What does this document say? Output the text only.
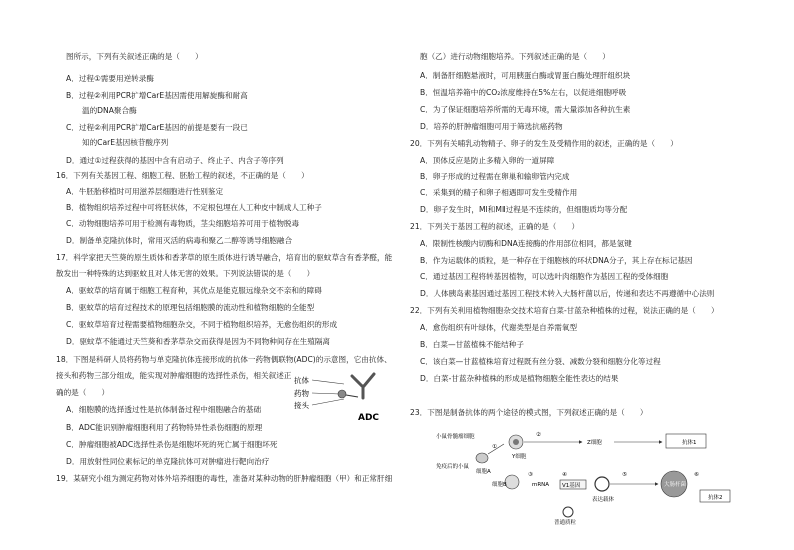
图所示，下列有关叙述正确的是（　　）
A．过程①需要用逆转录酶
B．过程②利用PCR扩增CarE基因需使用解旋酶和耐高
温的DNA聚合酶
C．过程②利用PCR扩增CarE基因的前提是要有一段已
知的CarE基因核苷酸序列
D．通过①过程获得的基因中含有启动子、终止子、内含子等序列
16．下列有关基因工程、细胞工程、胚胎工程的叙述，不正确的是（　　）
A．牛胚胎移植时可用滋养层细胞进行性别鉴定
B．植物组织培养过程中可将胚状体，不定根包埋在人工种皮中制成人工种子
C．动物细胞培养可用于检测有毒物质，茎尖细胞培养可用于植物脱毒
D．制备单克隆抗体时，常用灭活的病毒和聚乙二醇等诱导细胞融合
17．科学家把天竺葵的原生质体和香茅草的原生质体进行诱导融合，培育出的驱蚊草含有香茅醛，能
散发出一种特殊的达到驱蚊且对人体无害的效果。下列说法错误的是（　　）
A．驱蚊草的培育属于细胞工程育种，其优点是能克服远缘杂交不亲和的障碍
B．驱蚊草的培育过程技术的原理包括细胞膜的流动性和植物细胞的全能型
C．驱蚊草培育过程需要植物细胞杂交，不同于植物组织培养，无愈伤组织的形成
D．驱蚊草不能通过天竺葵和香茅草杂交而获得是因为不同物种间存在生殖隔离
18．下图是科研人员将药物与单克隆抗体连接形成的抗体一药物偶联物(ADC)的示意图，它由抗体、
接头和药物三部分组成，能实现对肿瘤细胞的选择性杀伤，相关叙述正
确的是（　　）
A．细胞膜的选择透过性是抗体制备过程中细胞融合的基础
B．ADC能识别肿瘤细胞利用了药物特异性杀伤细胞的原理
C．肿瘤细胞被ADC选择性杀伤是细胞坏死的死亡属于细胞坏死
D．用放射性同位素标记的单克隆抗体可对肿瘤进行靶向治疗
19．某研究小组为测定药物对体外培养细胞的毒性，准备对某种动物的肝肿瘤细胞（甲）和正常肝细
抗体
药物
接头
ADC
胞（乙）进行动物细胞培养。下列叙述正确的是（　　）
A．制备肝细胞悬液时，可用胰蛋白酶或胃蛋白酶处理肝组织块
B．恒温培养箱中的CO₂浓度维持在5%左右，以促进细胞呼吸
C．为了保证细胞培养所需的无毒环境，需大量添加各种抗生素
D．培养的肝肿瘤细胞可用于筛选抗癌药物
20．下列有关哺乳动物精子、卵子的发生及受精作用的叙述，正确的是（　　）
A．顶体反应是防止多精入卵的一道屏障
B．卵子形成的过程需在卵巢和输卵管内完成
C．采集到的精子和卵子相遇即可发生受精作用
D．卵子发生时，MⅠ和MⅡ过程是不连续的，但细胞质均等分配
21．下列关于基因工程的叙述，正确的是（　　）
A．限制性核酸内切酶和DNA连接酶的作用部位相同，都是氢键
B．作为运载体的质粒，是一种存在于细胞核的环状DNA分子，其上存在标记基因
C．通过基因工程将转基因植物，可以选叶肉细胞作为基因工程的受体细胞
D．人体胰岛素基因通过基因工程技术转入大肠杆菌以后，传递和表达不再遵循中心法则
22．下列有关利用植物细胞杂交技术培育白菜-甘蓝杂种植株的过程，说法正确的是（　　）
A．愈伤组织有叶绿体，代谢类型是自养需氧型
B．白菜—甘蓝植株不能结种子
C．该白菜—甘蓝植株培育过程既有丝分裂、减数分裂和细胞分化等过程
D．白菜-甘蓝杂种植株的形成是植物细胞全能性表达的结果
23．下图是制备抗体的两个途径的模式图，下列叙述正确的是（　　）
小鼠骨髓瘤细胞
免疫后的小鼠
细胞A
①
Y细胞
②
Z细胞	抗体1
细胞B
③
mRNA
④
V1基因
表达载体
⑤
大肠杆菌
⑥
抗体2
普通质粒
